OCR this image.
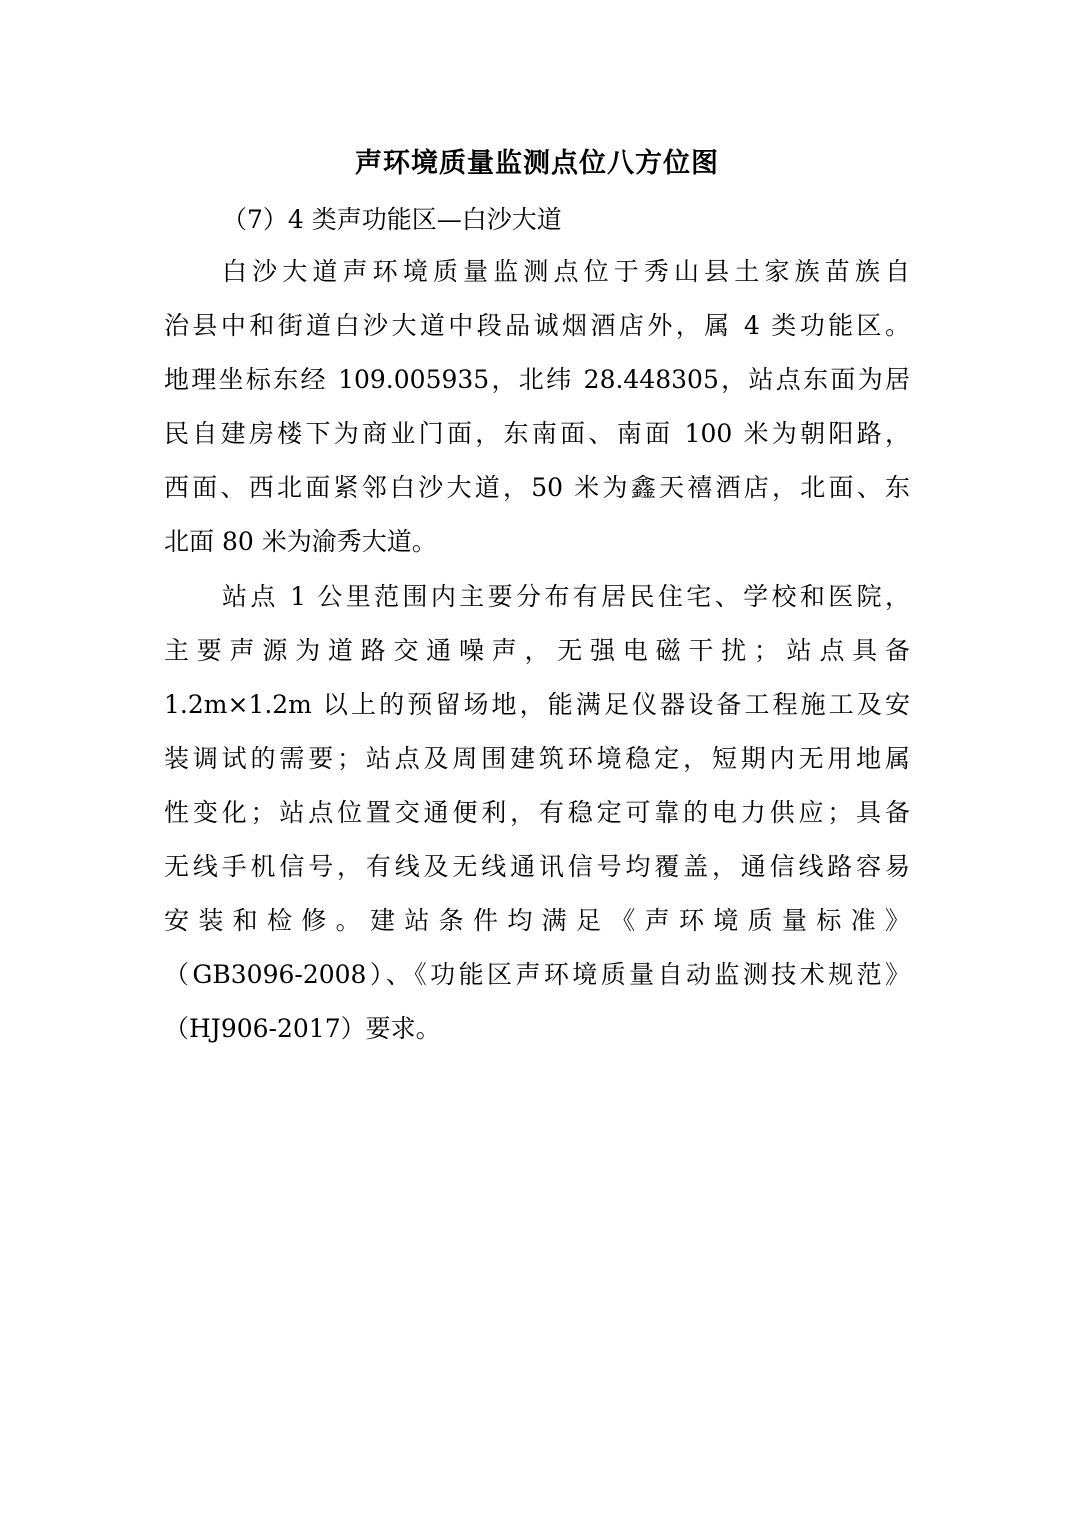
声环境质量监测点位八方位图
（7）4 类声功能区—白沙大道
白沙大道声环境质量监测点位于秀山县土家族苗族自
治县中和街道白沙大道中段品诚烟酒店外，属 4 类功能区。
地理坐标东经 109.005935，北纬 28.448305，站点东面为居
民自建房楼下为商业门面，东南面、南面 100 米为朝阳路，
西面、西北面紧邻白沙大道，50 米为鑫天禧酒店，北面、东
北面 80 米为渝秀大道。
站点 1 公里范围内主要分布有居民住宅、学校和医院，
主要声源为道路交通噪声，无强电磁干扰；站点具备
1.2m×1.2m 以上的预留场地，能满足仪器设备工程施工及安
装调试的需要；站点及周围建筑环境稳定，短期内无用地属
性变化；站点位置交通便利，有稳定可靠的电力供应；具备
无线手机信号，有线及无线通讯信号均覆盖，通信线路容易
安装和检修。建站条件均满足《声环境质量标准》
（GB3096-2008）、《功能区声环境质量自动监测技术规范》
（HJ906-2017）要求。
